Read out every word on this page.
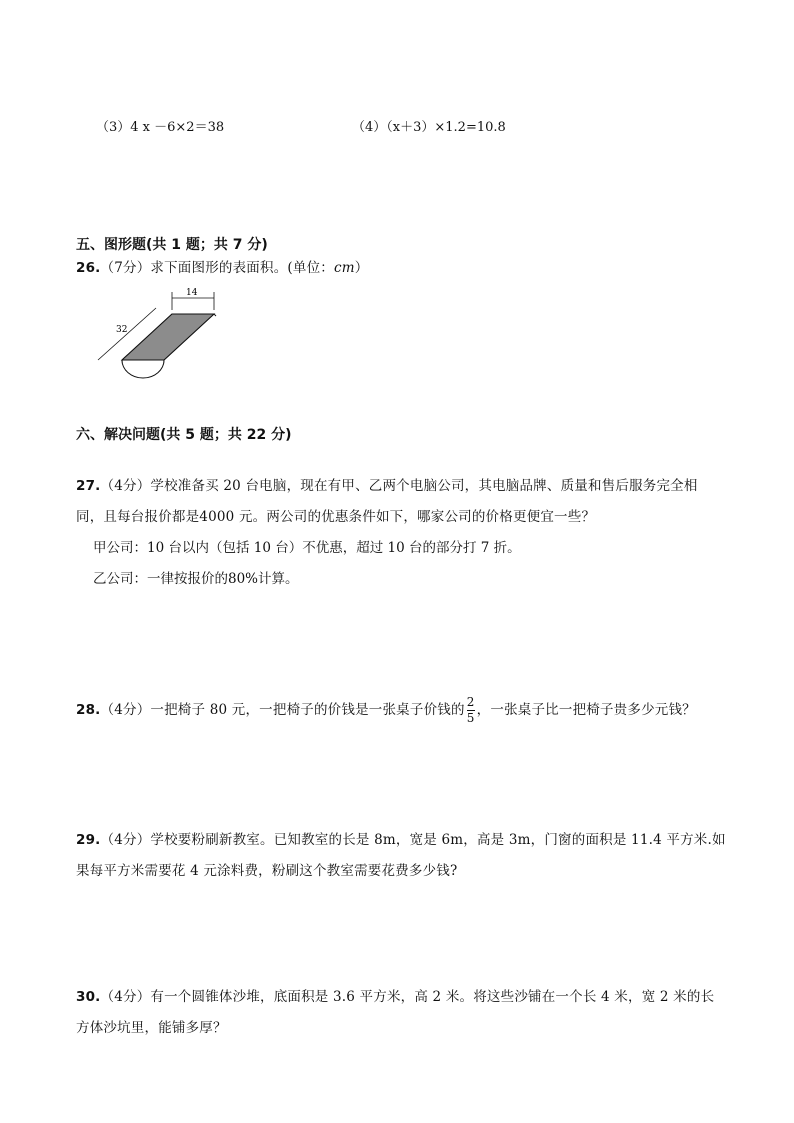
（3）4 x －6×2＝38	（4）（x＋3）×1.2=10.8
五、图形题(共 1 题；共 7 分)
26.（7分）求下面图形的表面积。(单位：cm）
14
32
六、解决问题(共 5 题；共 22 分)
27.（4分）学校准备买 20 台电脑，现在有甲、乙两个电脑公司，其电脑品牌、质量和售后服务完全相
同，且每台报价都是4000 元。两公司的优惠条件如下，哪家公司的价格更便宜一些？
甲公司：10 台以内（包括 10 台）不优惠，超过 10 台的部分打 7 折。
乙公司：一律按报价的80%计算。
28.（4分）一把椅子 80 元，一把椅子的价钱是一张桌子价钱的 $\frac{2}{5}$ ，一张桌子比一把椅子贵多少元钱？
29.（4分）学校要粉刷新教室。已知教室的长是 8m，宽是 6m，高是 3m，门窗的面积是 11.4 平方米.如
果每平方米需要花 4 元涂料费，粉刷这个教室需要花费多少钱?
30.（4分）有一个圆锥体沙堆，底面积是 3.6 平方米，高 2 米。将这些沙铺在一个长 4 米，宽 2 米的长
方体沙坑里，能铺多厚？
